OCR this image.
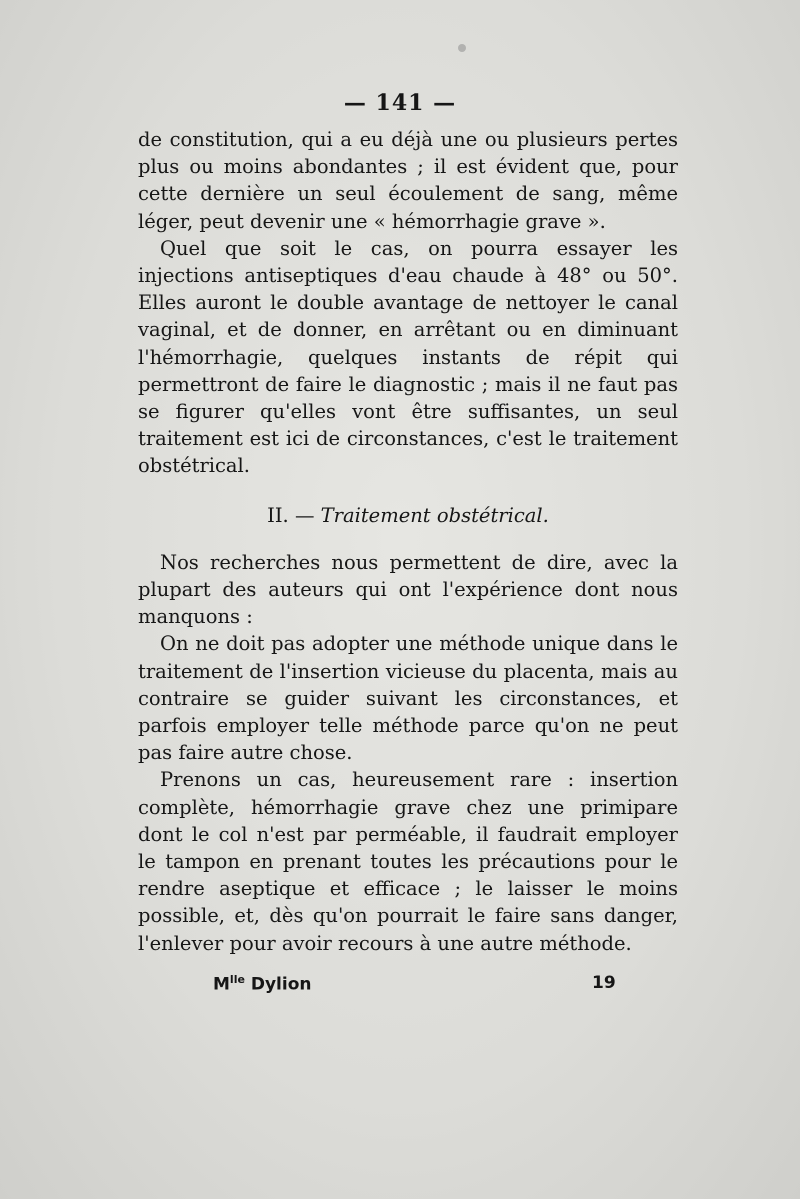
— 141 —

de constitution, qui a eu déjà une ou plusieurs pertes plus ou moins abondantes ; il est évident que, pour cette dernière un seul écoulement de sang, même léger, peut devenir une « hémorrhagie grave ».

Quel que soit le cas, on pourra essayer les injections antiseptiques d'eau chaude à 48° ou 50°. Elles auront le double avantage de nettoyer le canal vaginal, et de donner, en arrêtant ou en diminuant l'hémorrhagie, quelques instants de répit qui permettront de faire le diagnostic ; mais il ne faut pas se figurer qu'elles vont être suffisantes, un seul traitement est ici de circonstances, c'est le traitement obstétrical.

II. — Traitement obstétrical.

Nos recherches nous permettent de dire, avec la plupart des auteurs qui ont l'expérience dont nous manquons :

On ne doit pas adopter une méthode unique dans le traitement de l'insertion vicieuse du placenta, mais au contraire se guider suivant les circonstances, et parfois employer telle méthode parce qu'on ne peut pas faire autre chose.

Prenons un cas, heureusement rare : insertion complète, hémorrhagie grave chez une primipare dont le col n'est par perméable, il faudrait employer le tampon en prenant toutes les précautions pour le rendre aseptique et efficace ; le laisser le moins possible, et, dès qu'on pourrait le faire sans danger, l'enlever pour avoir recours à une autre méthode.

$M^{lle}$ Dylion	19
